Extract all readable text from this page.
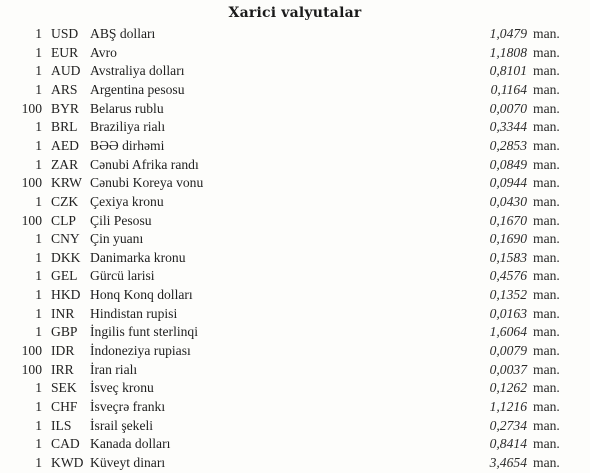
Xarici valyutalar
1 USD ABŞ dolları	1,0479 man.
1 EUR Avro	1,1808 man.
1 AUD Avstraliya dolları	0,8101 man.
1 ARS Argentina pesosu	0,1164 man.
100 BYR Belarus rublu	0,0070 man.
1 BRL Braziliya rialı	0,3344 man.
1 AED BƏƏ dirhəmi	0,2853 man.
1 ZAR Cənubi Afrika randı	0,0849 man.
100 KRW Cənubi Koreya vonu	0,0944 man.
1 CZK Çexiya kronu	0,0430 man.
100 CLP Çili Pesosu	0,1670 man.
1 CNY Çin yuanı	0,1690 man.
1 DKK Danimarka kronu	0,1583 man.
1 GEL Gürcü larisi	0,4576 man.
1 HKD Honq Konq dolları	0,1352 man.
1 INR Hindistan rupisi	0,0163 man.
1 GBP İngilis funt sterlinqi	1,6064 man.
100 IDR İndoneziya rupiası	0,0079 man.
100 IRR İran rialı	0,0037 man.
1 SEK İsveç kronu	0,1262 man.
1 CHF İsveçrə frankı	1,1216 man.
1 ILS İsrail şekeli	0,2734 man.
1 CAD Kanada dolları	0,8414 man.
1 KWD Küveyt dinarı	3,4654 man.
